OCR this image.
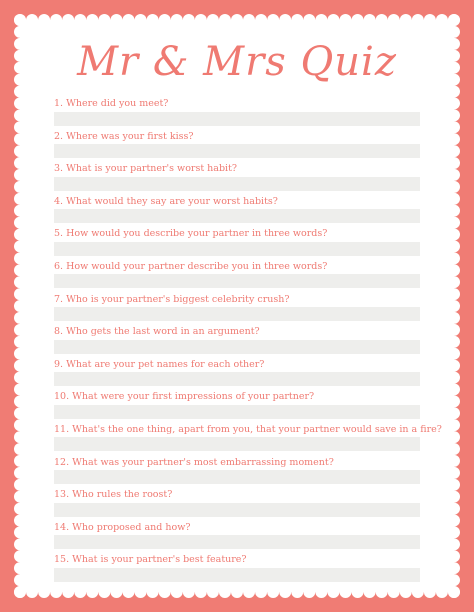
Mr & Mrs Quiz
1. Where did you meet?
2. Where was your first kiss?
3. What is your partner's worst habit?
4. What would they say are your worst habits?
5. How would you describe your partner in three words?
6. How would your partner describe you in three words?
7. Who is your partner's biggest celebrity crush?
8. Who gets the last word in an argument?
9. What are your pet names for each other?
10. What were your first impressions of your partner?
11. What's the one thing, apart from you, that your partner would save in a fire?
12. What was your partner's most embarrassing moment?
13. Who rules the roost?
14. Who proposed and how?
15. What is your partner's best feature?
